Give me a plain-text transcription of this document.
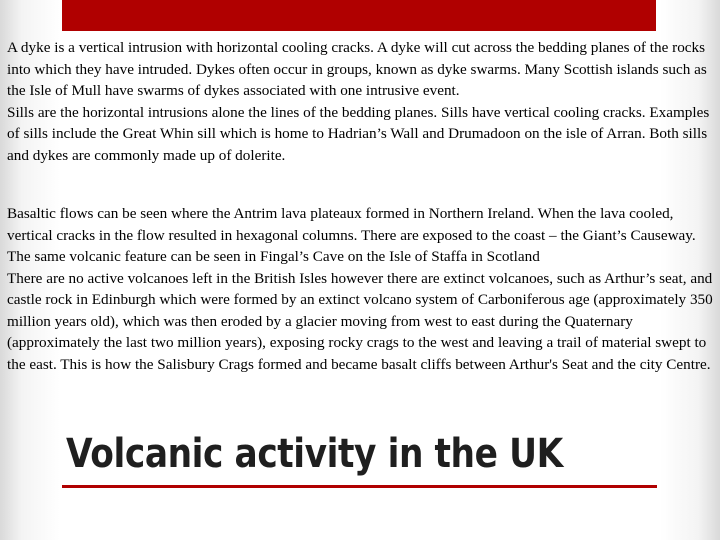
A dyke is a vertical intrusion with horizontal cooling cracks. A dyke will cut across the bedding planes of the rocks into which they have intruded. Dykes often occur in groups, known as dyke swarms. Many Scottish islands such as the Isle of Mull have swarms of dykes associated with one intrusive event.

Sills are the horizontal intrusions alone the lines of the bedding planes. Sills have vertical cooling cracks. Examples of sills include the Great Whin sill which is home to Hadrian’s Wall and Drumadoon on the isle of Arran. Both sills and dykes are commonly made up of dolerite.

Basaltic flows can be seen where the Antrim lava plateaux formed in Northern Ireland. When the lava cooled, vertical cracks in the flow resulted in hexagonal columns. There are exposed to the coast – the Giant’s Causeway. The same volcanic feature can be seen in Fingal’s Cave on the Isle of Staffa in Scotland

There are no active volcanoes left in the British Isles however there are extinct volcanoes, such as Arthur’s seat, and castle rock in Edinburgh which were formed by an extinct volcano system of Carboniferous age (approximately 350 million years old), which was then eroded by a glacier moving from west to east during the Quaternary (approximately the last two million years), exposing rocky crags to the west and leaving a trail of material swept to the east. This is how the Salisbury Crags formed and became basalt cliffs between Arthur's Seat and the city Centre.

Volcanic activity in the UK
